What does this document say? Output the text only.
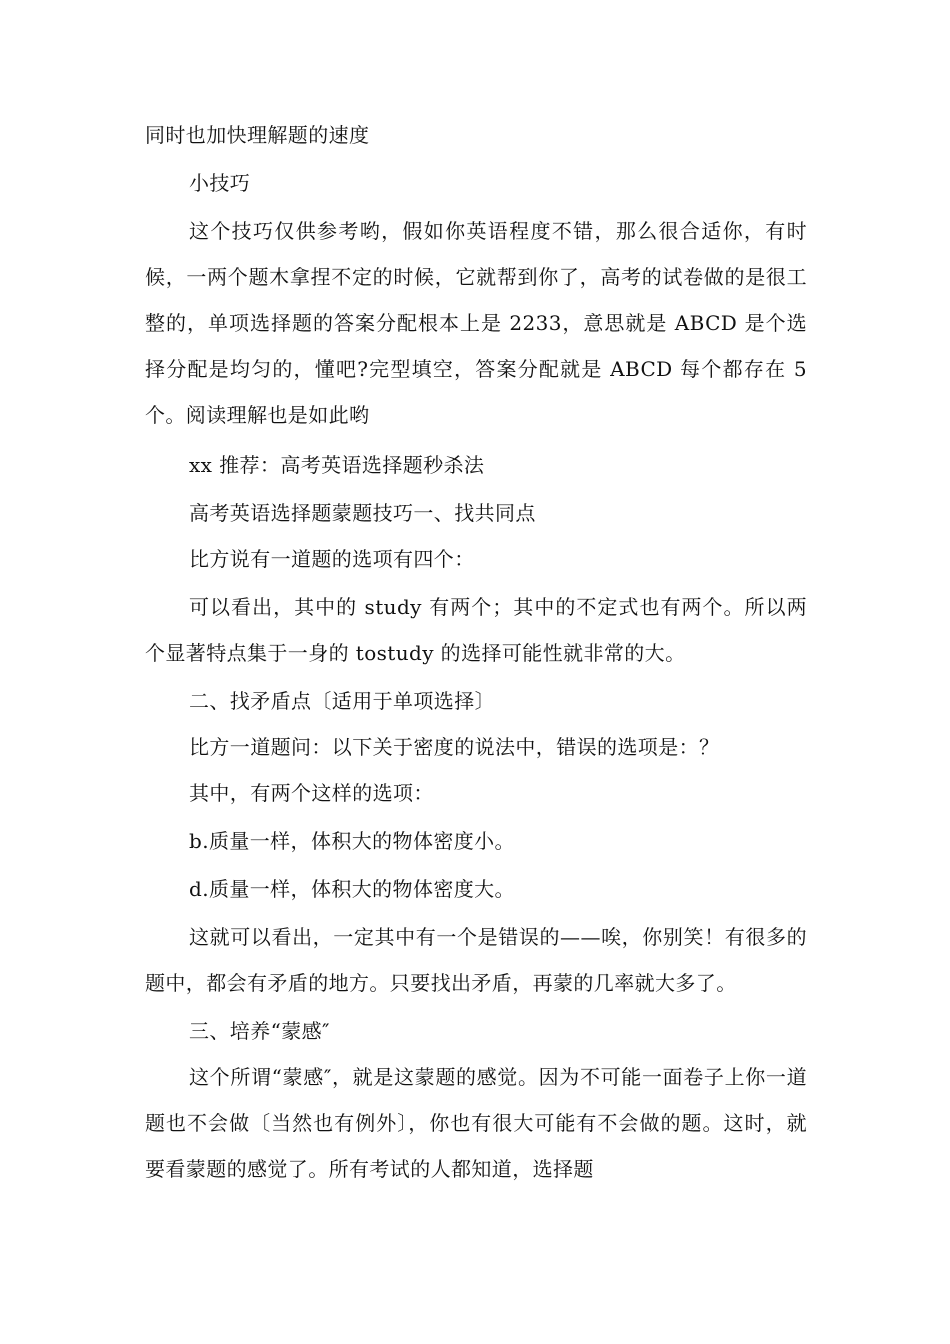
同时也加快理解题的速度

小技巧

这个技巧仅供参考哟，假如你英语程度不错，那么很合适你，有时候，一两个题木拿捏不定的时候，它就帮到你了，高考的试卷做的是很工整的，单项选择题的答案分配根本上是 2233，意思就是 ABCD 是个选择分配是均匀的，懂吧?完型填空，答案分配就是 ABCD 每个都存在 5 个。阅读理解也是如此哟

xx 推荐：高考英语选择题秒杀法

高考英语选择题蒙题技巧一、找共同点

比方说有一道题的选项有四个：

可以看出，其中的 study 有两个；其中的不定式也有两个。所以两个显著特点集于一身的 tostudy 的选择可能性就非常的大。

二、找矛盾点〔适用于单项选择〕

比方一道题问：以下关于密度的说法中，错误的选项是：？

其中，有两个这样的选项：

b.质量一样，体积大的物体密度小。

d.质量一样，体积大的物体密度大。

这就可以看出，一定其中有一个是错误的——唉，你别笑！有很多的题中，都会有矛盾的地方。只要找出矛盾，再蒙的几率就大多了。

三、培养“蒙感″

这个所谓“蒙感″，就是这蒙题的感觉。因为不可能一面卷子上你一道题也不会做〔当然也有例外〕，你也有很大可能有不会做的题。这时，就要看蒙题的感觉了。所有考试的人都知道，选择题
